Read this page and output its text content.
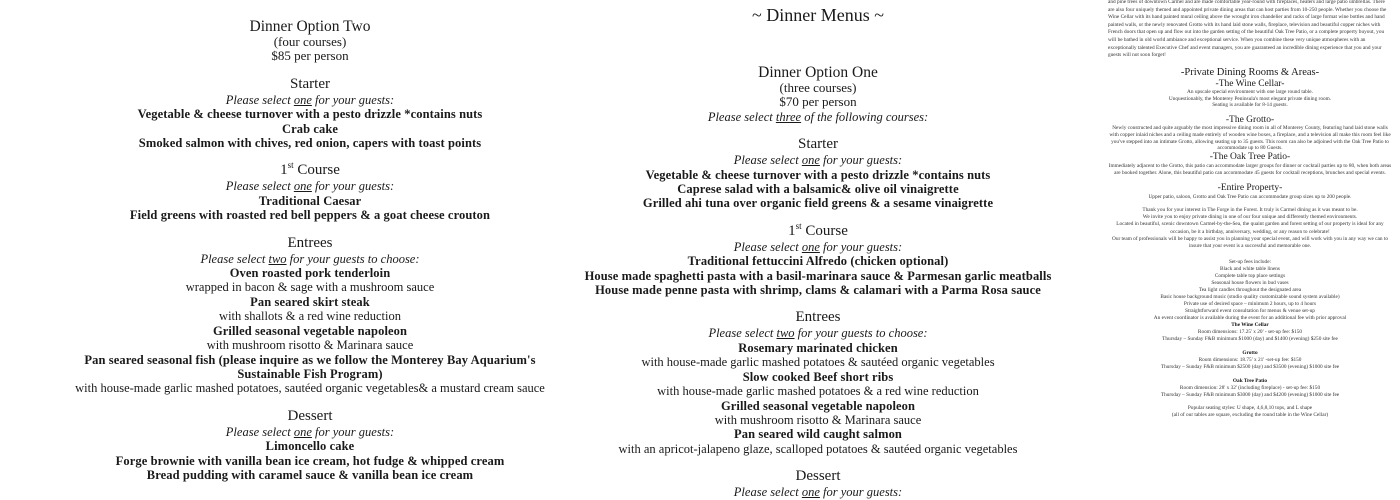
Dinner Option Two
(four courses)
$85 per person
Starter
Please select one for your guests:
Vegetable & cheese turnover with a pesto drizzle *contains nuts
Crab cake
Smoked salmon with chives, red onion, capers with toast points
1st Course
Please select one for your guests:
Traditional Caesar
Field greens with roasted red bell peppers & a goat cheese crouton
Entrees
Please select two for your guests to choose:
Oven roasted pork tenderloin
wrapped in bacon & sage with a mushroom sauce
Pan seared skirt steak
with shallots & a red wine reduction
Grilled seasonal vegetable napoleon
with mushroom risotto & Marinara sauce
Pan seared seasonal fish (please inquire as we follow the Monterey Bay Aquarium's
Sustainable Fish Program)
with house-made garlic mashed potatoes, sautéed organic vegetables& a mustard cream sauce
Dessert
Please select one for your guests:
Limoncello cake
Forge brownie with vanilla bean ice cream, hot fudge & whipped cream
Bread pudding with caramel sauce & vanilla bean ice cream
~ Dinner Menus ~
Dinner Option One
(three courses)
$70 per person
Please select three of the following courses:
Starter
Please select one for your guests:
Vegetable & cheese turnover with a pesto drizzle *contains nuts
Caprese salad with a balsamic& olive oil vinaigrette
Grilled ahi tuna over organic field greens & a sesame vinaigrette
1st Course
Please select one for your guests:
Traditional fettuccini Alfredo (chicken optional)
House made spaghetti pasta with a basil-marinara sauce & Parmesan garlic meatballs
House made penne pasta with shrimp, clams & calamari with a Parma Rosa sauce
Entrees
Please select two for your guests to choose:
Rosemary marinated chicken
with house-made garlic mashed potatoes & sautéed organic vegetables
Slow cooked Beef short ribs
with house-made garlic mashed potatoes & a red wine reduction
Grilled seasonal vegetable napoleon
with mushroom risotto & Marinara sauce
Pan seared wild caught salmon
with an apricot-jalapeno glaze, scalloped potatoes & sautéed organic vegetables
Dessert
Please select one for your guests:
and pine trees of downtown Carmel and are made comfortable year-round with fireplaces, heaters and large patio umbrellas. There are also four uniquely themed and appointed private dining areas that can host parties from 10-250 people. Whether you choose the Wine Cellar with its hand painted mural ceiling above the wrought iron chandelier and racks of large format wine bottles and hand painted walls, or the newly renovated Grotto with its hand laid stone walls, fireplace, television and beautiful copper niches with French doors that open up and flow out into the garden setting of the beautiful Oak Tree Patio, or a complete property buyout, you will be bathed in old world ambiance and exceptional service. When you combine these very unique atmospheres with an exceptionally talented Executive Chef and event managers, you are guaranteed an incredible dining experience that you and your guests will not soon forget!
-Private Dining Rooms & Areas-
-The Wine Cellar-
An upscale special environment with one large round table.
Unquestionably, the Monterey Peninsula's most elegant private dining room.
Seating is available for 8-14 guests.
-The Grotto-
Newly constructed and quite arguably the most impressive dining room in all of Monterey County, featuring hand laid stone walls with copper inlaid niches and a ceiling made entirely of wooden wine boxes, a fireplace, and a television all make this room feel like you've stepped into an intimate Grotto, allowing seating up to 35 guests. This room can also be adjoined with the Oak Tree Patio to accommodate up to 80 Guests.
-The Oak Tree Patio-
Immediately adjacent to the Grotto, this patio can accommodate larger groups for dinner or cocktail parties up to 80, when both areas are booked together. Alone, this beautiful patio can accommodate 45 guests for cocktail receptions, brunches and special events.
-Entire Property-
Upper patio, saloon, Grotto and Oak Tree Patio can accommodate group sizes up to 200 people.
Thank you for your interest in The Forge in the Forest. It truly is Carmel dining as it was meant to be.
We invite you to enjoy private dining in one of our four unique and differently themed environments.
Located in beautiful, scenic downtown Carmel-by-the-Sea, the quaint garden and forest setting of our property is ideal for any occasion, be it a birthday, anniversary, wedding, or any reason to celebrate!
Our team of professionals will be happy to assist you in planning your special event, and will work with you in any way we can to insure that your event is a successful and memorable one.
Set-up fees include:
Black and white table linens
Complete table top place settings
Seasonal house flowers in bud vases
Tea light candles throughout the designated area
Basic house background music (studio quality customizable sound system available)
Private use of desired space – minimum 2 hours, up to 4 hours
Straightforward event consultation for menus & venue set-up
An event coordinator is available during the event for an additional fee with prior approval
The Wine Cellar
Room dimensions: 17.25' x 20' - set-up fee: $150
Thursday – Sunday F&B minimum $1000 (day) and $1400 (evening) $250 site fee
Grotto
Room dimensions: 18.75' x 21' -set-up fee: $150
Thursday – Sunday F&B minimum $2500 (day) and $3500 (evening) $1000 site fee
Oak Tree Patio
Room dimension: 28' x 32' (including fireplace) - set-up fee: $150
Thursday – Sunday F&B minimum $3000 (day) and $4200 (evening) $1000 site fee
Popular seating styles: U shape, 4,6,8,10 tops, and L shape
(all of our tables are square, excluding the round table in the Wine Cellar)
